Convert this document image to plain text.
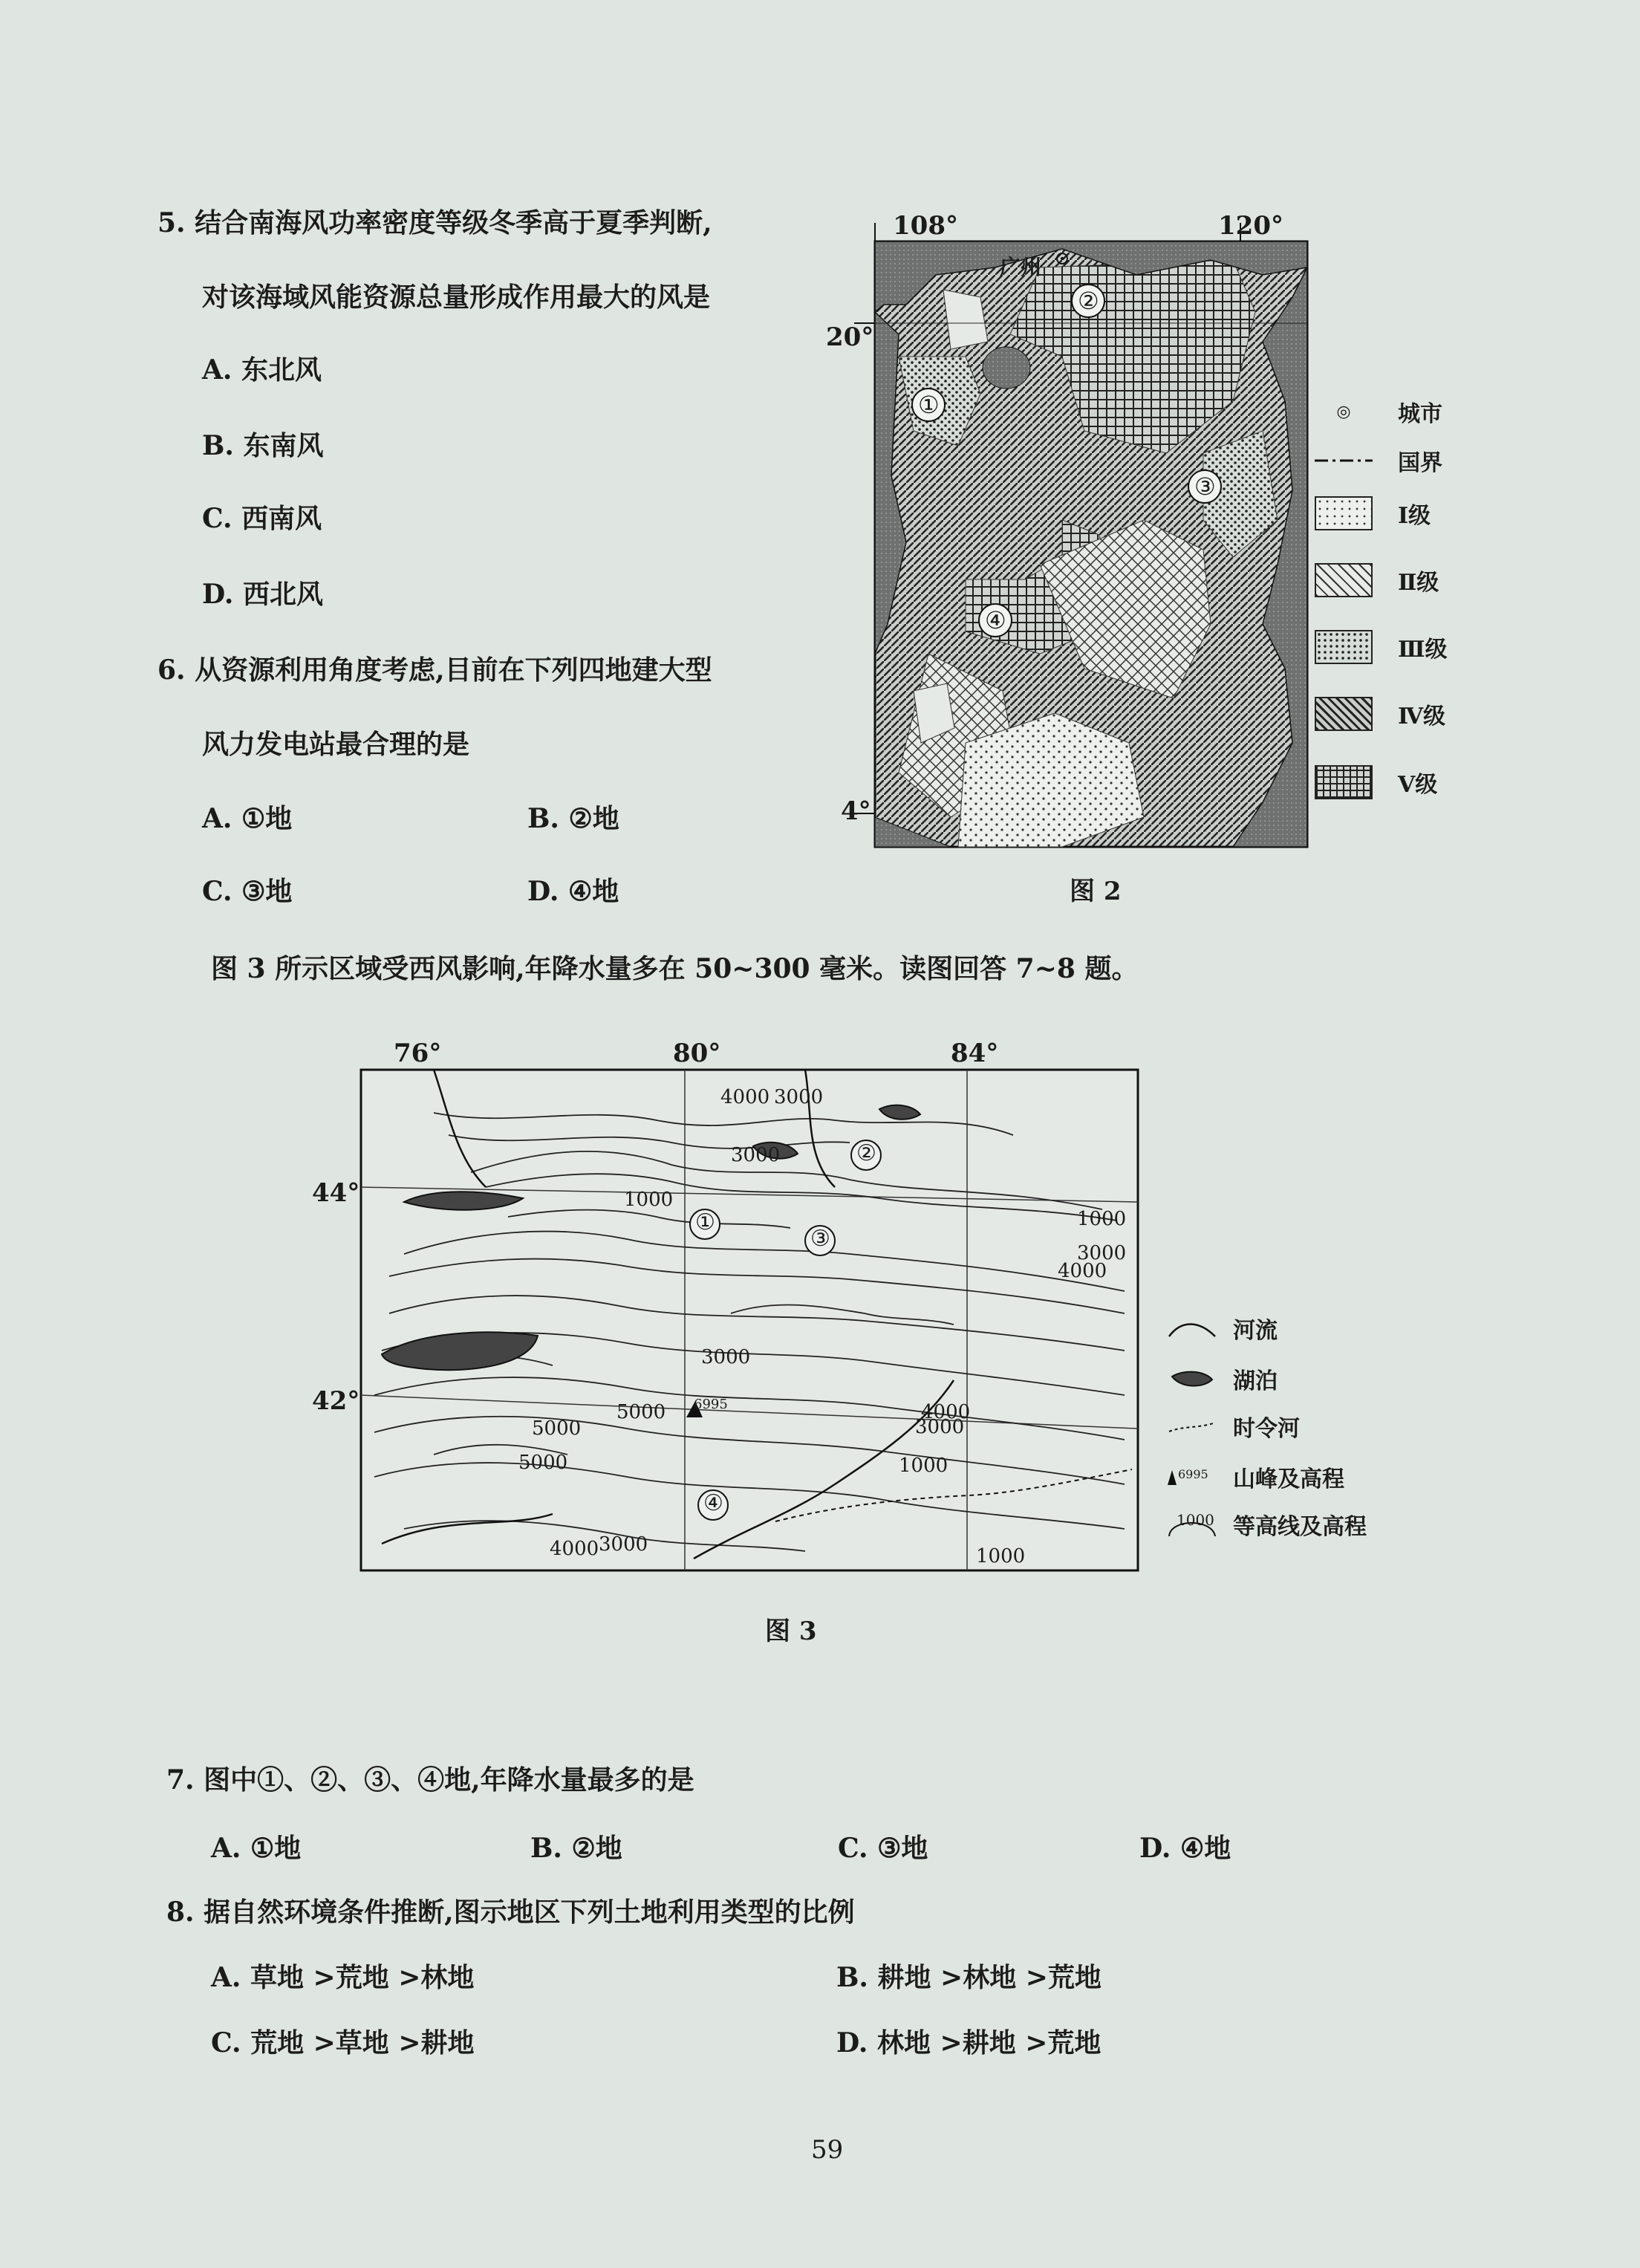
5. 结合南海风功率密度等级冬季高于夏季判断,
对该海域风能资源总量形成作用最大的风是
A. 东北风
B. 东南风
C. 西南风
D. 西北风
6. 从资源利用角度考虑,目前在下列四地建大型
风力发电站最合理的是
A. ①地	B. ②地
C. ③地	D. ④地
108°	120°
20°
4°
广州
①
②
③
④
图 2
◎	城市
国界
Ⅰ级
Ⅱ级
Ⅲ级
Ⅳ级
Ⅴ级
图 3 所示区域受西风影响,年降水量多在 50~300 毫米。读图回答 7~8 题。
76°	80°	84°
44°
42°
①
②
③
④
4000 3000
3000
1000
1000
3000
4000
3000
5000
5000
5000
4000 3000
1000
1000
4000
3000
6995
图 3
河流
湖泊
时令河
6995 山峰及高程
1000 等高线及高程
7. 图中①、②、③、④地,年降水量最多的是
A. ①地	B. ②地	C. ③地	D. ④地
8. 据自然环境条件推断,图示地区下列土地利用类型的比例
A. 草地 >荒地 >林地	B. 耕地 >林地 >荒地
C. 荒地 >草地 >耕地	D. 林地 >耕地 >荒地
59
